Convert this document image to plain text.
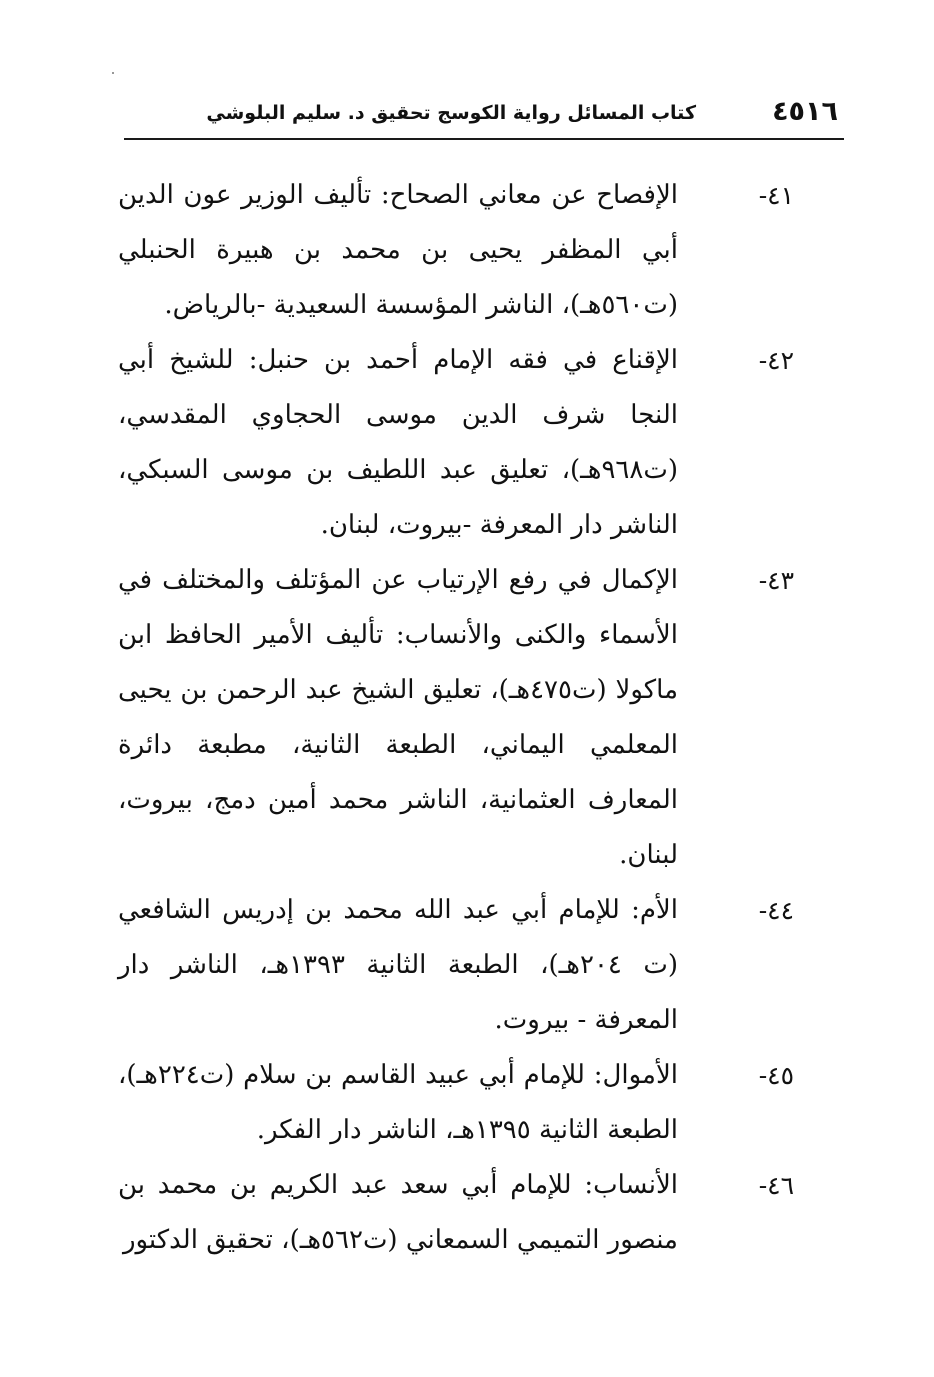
٤٥١٦
كتاب المسائل رواية الكوسج تحقيق د. سليم البلوشي
٤١-
الإفصاح عن معاني الصحاح: تأليف الوزير عون الدين أبي المظفر يحيى بن محمد بن هبيرة الحنبلي (ت٥٦٠هـ)، الناشر المؤسسة السعيدية -بالرياض.
٤٢-
الإقناع في فقه الإمام أحمد بن حنبل: للشيخ أبي النجا شرف الدين موسى الحجاوي المقدسي، (ت٩٦٨هـ)، تعليق عبد اللطيف بن موسى السبكي، الناشر دار المعرفة -بيروت، لبنان.
٤٣-
الإكمال في رفع الإرتياب عن المؤتلف والمختلف في الأسماء والكنى والأنساب: تأليف الأمير الحافظ ابن ماكولا (ت٤٧٥هـ)، تعليق الشيخ عبد الرحمن بن يحيى المعلمي اليماني، الطبعة الثانية، مطبعة دائرة المعارف العثمانية، الناشر محمد أمين دمج، بيروت، لبنان.
٤٤-
الأم: للإمام أبي عبد الله محمد بن إدريس الشافعي (ت ٢٠٤هـ)، الطبعة الثانية ١٣٩٣هـ، الناشر دار المعرفة - بيروت.
٤٥-
الأموال: للإمام أبي عبيد القاسم بن سلام (ت٢٢٤هـ)، الطبعة الثانية ١٣٩٥هـ، الناشر دار الفكر.
٤٦-
الأنساب: للإمام أبي سعد عبد الكريم بن محمد بن منصور التميمي السمعاني (ت٥٦٢هـ)، تحقيق الدكتور
